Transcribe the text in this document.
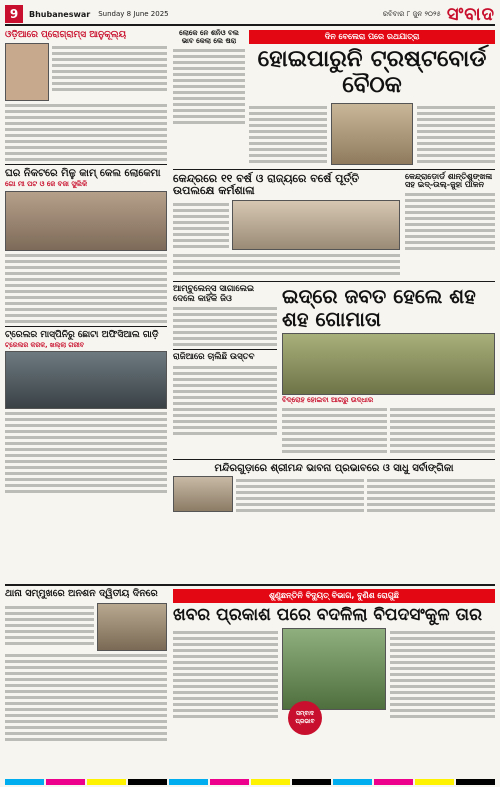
9	Bhubaneswar Sunday 8 June 2025	ରବିବାର ୮ ଜୁନ ୨୦୨୫ ସଂବାଦ
ଓଡ଼ିଆରେ ପ୍ରୋଗ୍ରାମ୍ସ ଆନୁକୂଲ୍ୟ
ଘର ନିକଟରେ ମିଳୁ କାମ୍ କେଲ ଲୋକେମା
ଗୋ ମୀ ପଟ ଓ ଜେ ବଜା ସୁଲିକି
ଟ୍ରେଲର ମାସ୍ପିନିରୁ ଛୋଟା ଅଫିସିଆଲ ଗାଡ଼ି
ଟ୍ରେଲର କରକ, ଖଲ୍ଲା ଗରୀବ
ଲୋକେ ନେ ଶନିଓ ବଲ
ଭାବ କେଲା ଲେ ଷରା	ଦିନ ବେଲେରା ପରେ ରଥଯାତ୍ରା
ହୋଇପାରୁନି ଟ୍ରଷ୍ଟବୋର୍ଡ ବୈଠକ
କେନ୍ଦ୍ରରେ ୧୧ ବର୍ଷ ଓ ରାଜ୍ୟରେ ବର୍ଷେ ପୂର୍ତ୍ତି ଉପଲକ୍ଷେ କର୍ମଶାଳା
କେନ୍ଦ୍ରାଡ଼ୋର୍ଡ ଶାନ୍ତିଶୁଙ୍ଖଳା ସହ ଇଦ୍‌-ଉଲ୍‌-ଜୁହା ପାଳନ
ଆମ୍ବୁଲେନ୍ସ ସାଗାଲେଇ ଦେଲେ କାହିଁକି ଜିଓ
ରାଜିଆରେ ଚାଲିଛି ଉସ୍ତବ
ଇଦ୍‌ରେ ଜବତ ହେଲେ ଶହ ଶହ ଗୋମାତା
ବିଦ୍ରୋହ ହୋଇବା ଆଗରୁ ଉଦ୍ଧାର
ମନ୍ଦିରଗୁଡ଼ାରେ ଶ୍ରୀମନ୍ଦ ଭାବନା ପ୍ରଭାବରେ ଓ ସାଧୁ ସର୍ବାଙ୍ଗିକା
ଥାନା ସମ୍ମୁଖରେ ଅନଶନ ଦ୍ୱିତୀୟ ଦିନରେ	ଶୁଣୁଛନ୍ତିନି ବିଦ୍ୟୁତ୍ ବିଭାଗ, ବୁଣିଶ ରୋଗୁଛି
ଖବର ପ୍ରକାଶ ପରେ ବଦଳିଲା ବିପଦସଂକୁଳ ତାର
ସମ୍ବାଦ ପ୍ରଭାବ
